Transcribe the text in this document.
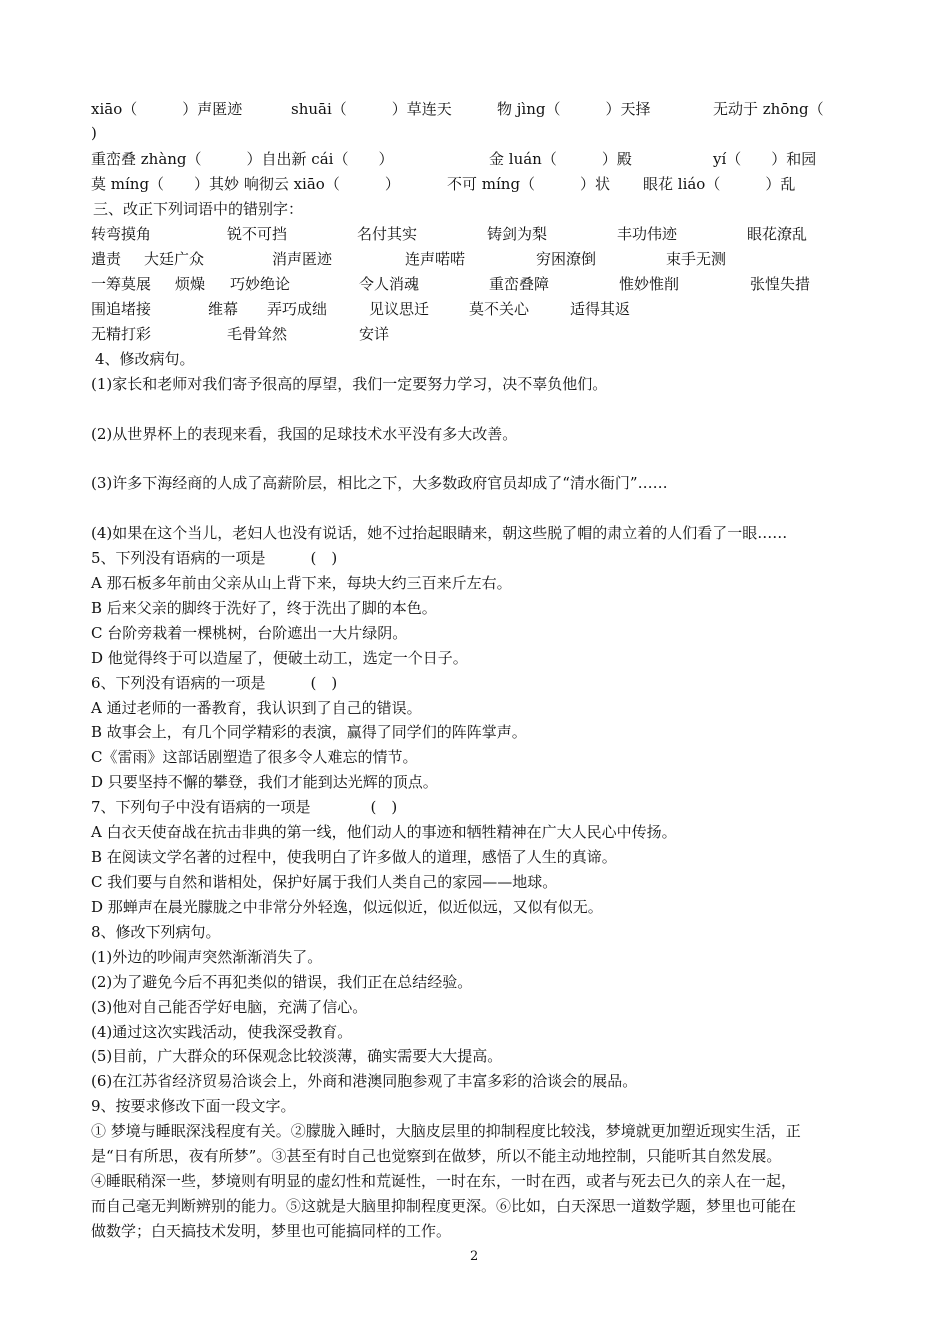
xiāo（　　　）声匿迹	shuāi（　　　）草连天	物 jìng（　　　）天择	无动于 zhōng（
)
重峦叠 zhàng（　　　）自出新 cái（　　）	金 luán（　　　）殿	yí（　　）和园
莫 míng（　　）其妙 响彻云 xiāo（　　　）	不可 míng（　　　）状 眼花 liáo（　　　）乱
三、改正下列词语中的错别字：
转弯摸角	锐不可挡	名付其实	铸剑为梨	丰功伟迹	眼花潦乱
遣责 大廷广众	消声匿迹	连声喏喏	穷困潦倒	束手无测
一筹莫展 烦燥 巧妙绝论	令人消魂	重峦叠障	惟妙惟削	张惶失措
围追堵接	维幕 弄巧成绌	见议思迁	莫不关心	适得其返
无精打彩	毛骨耸然	安详
4、修改病句。
(1)家长和老师对我们寄予很高的厚望，我们一定要努力学习，决不辜负他们。
(2)从世界杯上的表现来看，我国的足球技术水平没有多大改善。
(3)许多下海经商的人成了高薪阶层，相比之下，大多数政府官员却成了“清水衙门”……
(4)如果在这个当儿，老妇人也没有说话，她不过抬起眼睛来，朝这些脱了帽的肃立着的人们看了一眼……
5、下列没有语病的一项是　　　(　)
A 那石板多年前由父亲从山上背下来，每块大约三百来斤左右。
B 后来父亲的脚终于洗好了，终于洗出了脚的本色。
C 台阶旁栽着一棵桃树，台阶遮出一大片绿阴。
D 他觉得终于可以造屋了，便破土动工，选定一个日子。
6、下列没有语病的一项是　　　(　)
A 通过老师的一番教育，我认识到了自己的错误。
B 故事会上，有几个同学精彩的表演，赢得了同学们的阵阵掌声。
C《雷雨》这部话剧塑造了很多令人难忘的情节。
D 只要坚持不懈的攀登，我们才能到达光辉的顶点。
7、下列句子中没有语病的一项是　　　　(　)
A 白衣天使奋战在抗击非典的第一线，他们动人的事迹和牺牲精神在广大人民心中传扬。
B 在阅读文学名著的过程中，使我明白了许多做人的道理，感悟了人生的真谛。
C 我们要与自然和谐相处，保护好属于我们人类自己的家园——地球。
D 那蝉声在晨光朦胧之中非常分外轻逸，似远似近，似近似远，又似有似无。
8、修改下列病句。
(1)外边的吵闹声突然渐渐消失了。
(2)为了避免今后不再犯类似的错误，我们正在总结经验。
(3)他对自己能否学好电脑，充满了信心。
(4)通过这次实践活动，使我深受教育。
(5)目前，广大群众的环保观念比较淡薄，确实需要大大提高。
(6)在江苏省经济贸易洽谈会上，外商和港澳同胞参观了丰富多彩的洽谈会的展品。
9、按要求修改下面一段文字。
① 梦境与睡眠深浅程度有关。②朦胧入睡时，大脑皮层里的抑制程度比较浅，梦境就更加塑近现实生活，正
是“日有所思，夜有所梦”。③甚至有时自己也觉察到在做梦，所以不能主动地控制，只能听其自然发展。
④睡眠稍深一些，梦境则有明显的虚幻性和荒诞性，一时在东，一时在西，或者与死去已久的亲人在一起，
而自己毫无判断辨别的能力。⑤这就是大脑里抑制程度更深。⑥比如，白天深思一道数学题，梦里也可能在
做数学；白天搞技术发明，梦里也可能搞同样的工作。
2
